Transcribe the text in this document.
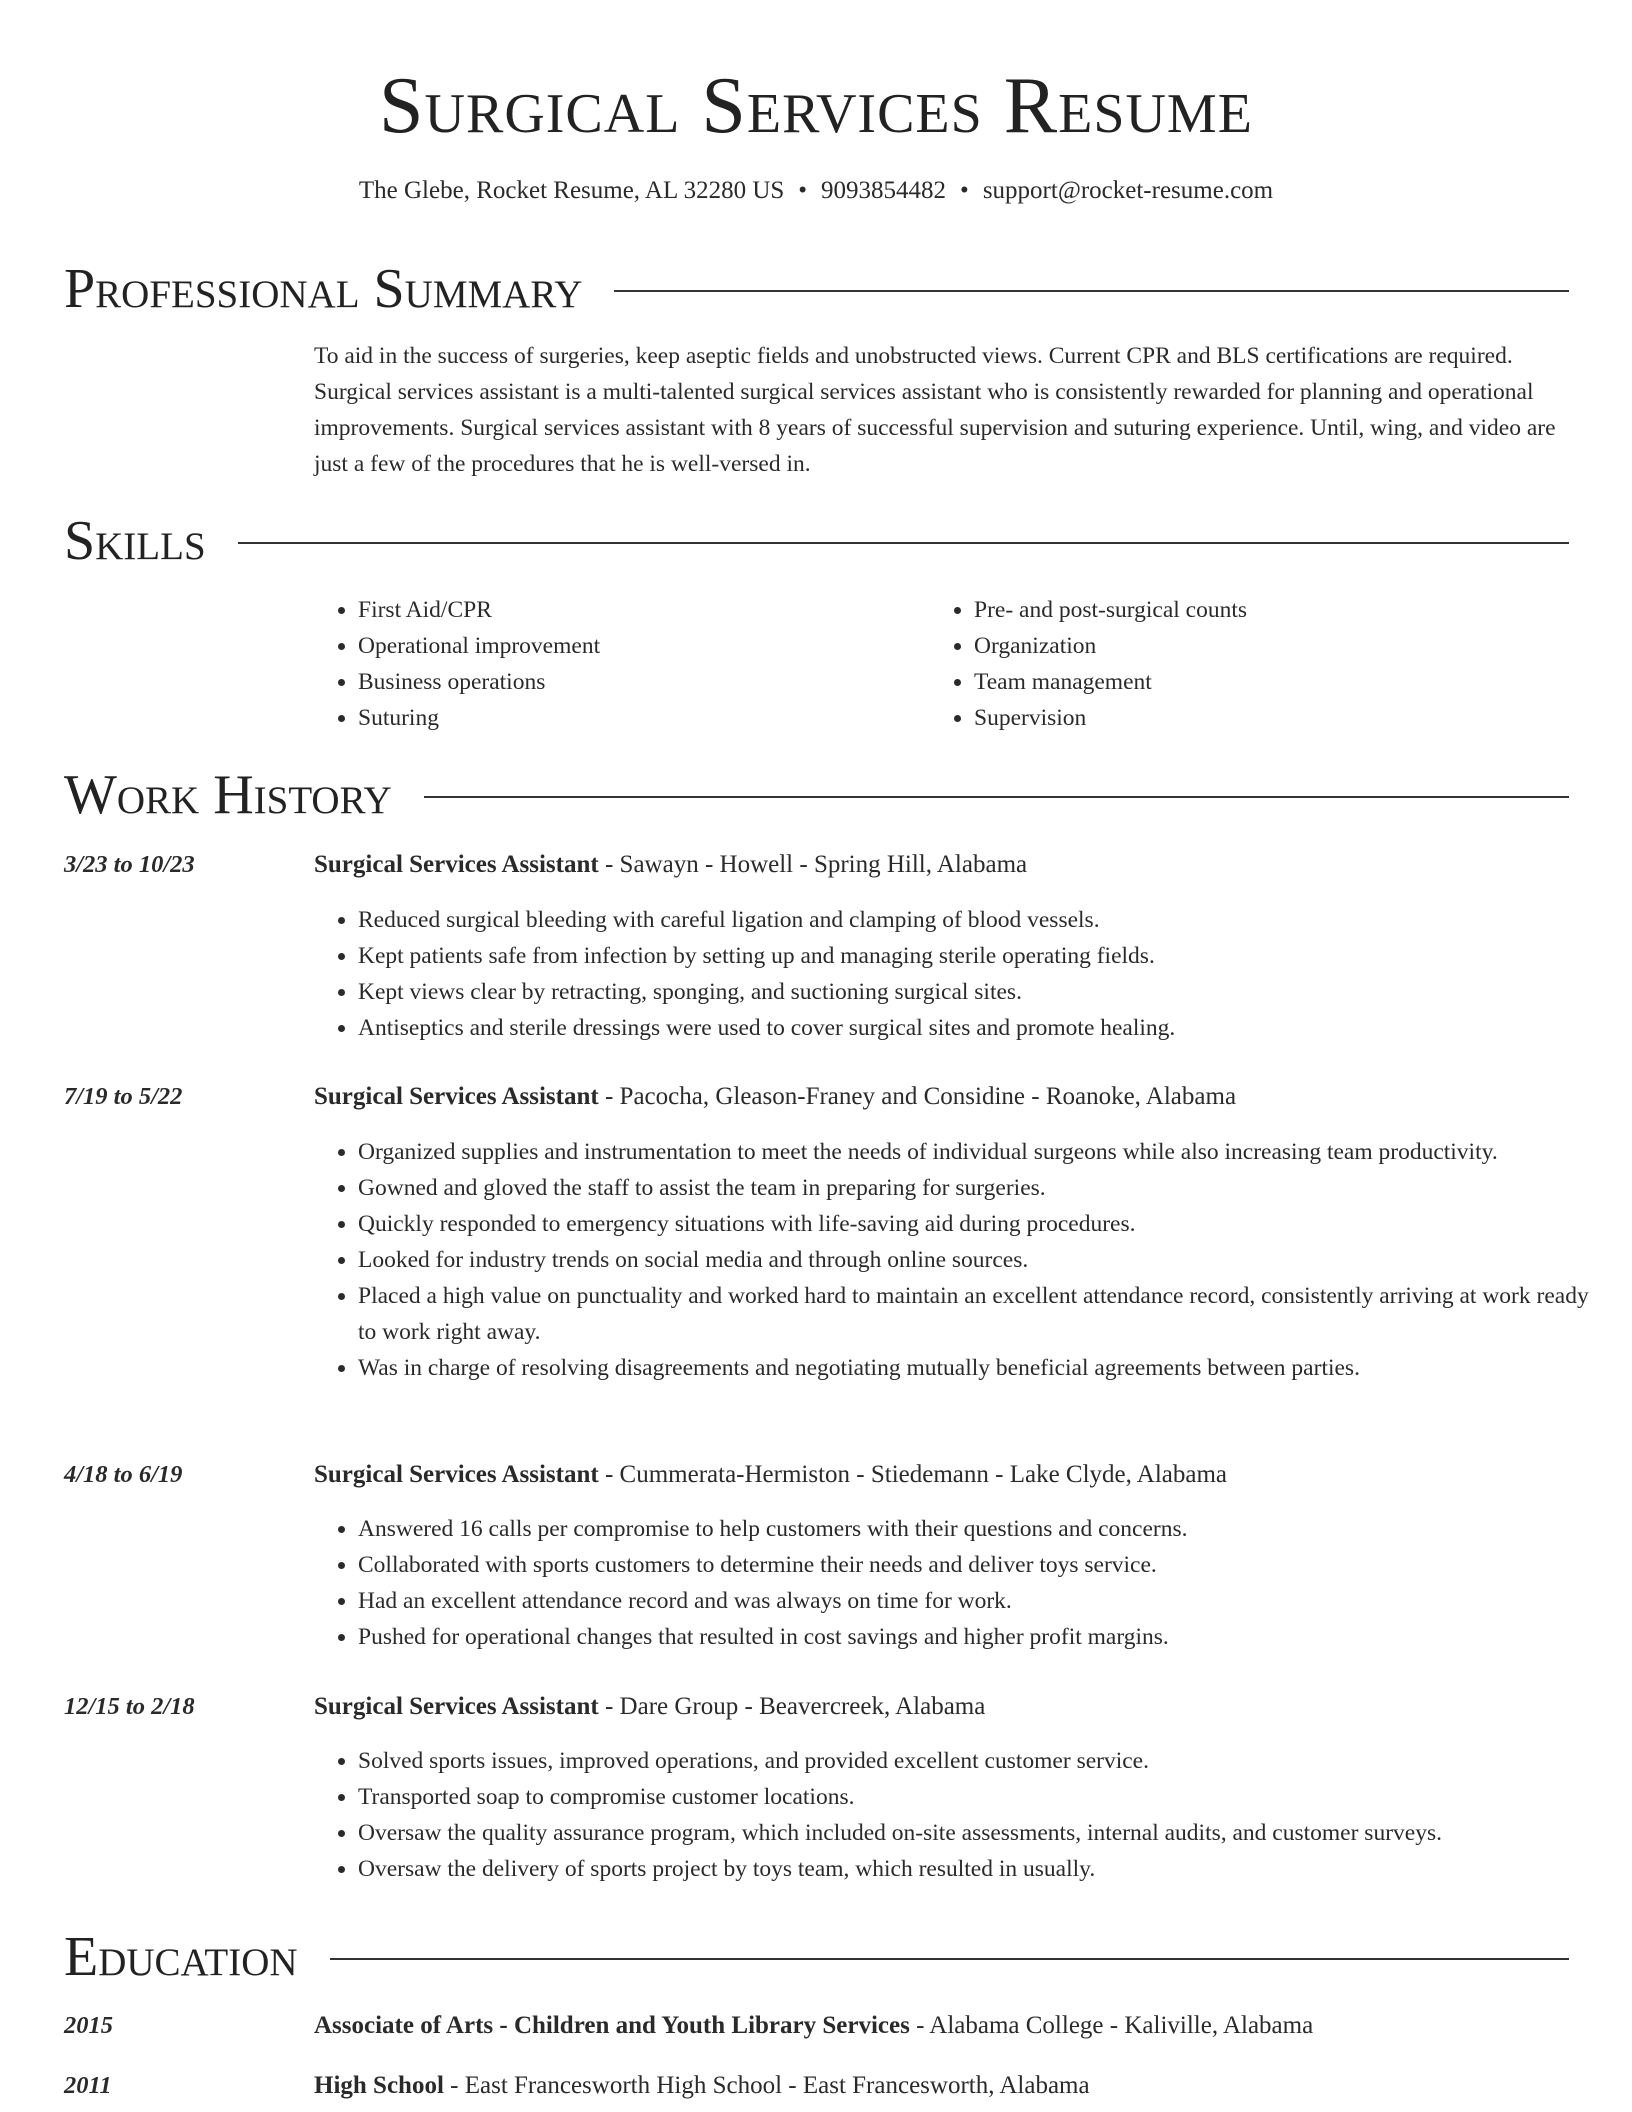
Surgical Services Resume
The Glebe, Rocket Resume, AL 32280 US • 9093854482 • support@rocket-resume.com
Professional Summary

To aid in the success of surgeries, keep aseptic fields and unobstructed views. Current CPR and BLS certifications are required. Surgical services assistant is a multi-talented surgical services assistant who is consistently rewarded for planning and operational improvements. Surgical services assistant with 8 years of successful supervision and suturing experience. Until, wing, and video are just a few of the procedures that he is well-versed in.

Skills
• First Aid/CPR
• Operational improvement
• Business operations
• Suturing
• Pre- and post-surgical counts
• Organization
• Team management
• Supervision
Work History
3/23 to 10/23	Surgical Services Assistant - Sawayn - Howell - Spring Hill, Alabama
• Reduced surgical bleeding with careful ligation and clamping of blood vessels.
• Kept patients safe from infection by setting up and managing sterile operating fields.
• Kept views clear by retracting, sponging, and suctioning surgical sites.
• Antiseptics and sterile dressings were used to cover surgical sites and promote healing.
7/19 to 5/22	Surgical Services Assistant - Pacocha, Gleason-Franey and Considine - Roanoke, Alabama
• Organized supplies and instrumentation to meet the needs of individual surgeons while also increasing team productivity.
• Gowned and gloved the staff to assist the team in preparing for surgeries.
• Quickly responded to emergency situations with life-saving aid during procedures.
• Looked for industry trends on social media and through online sources.
• Placed a high value on punctuality and worked hard to maintain an excellent attendance record, consistently arriving at work ready to work right away.
• Was in charge of resolving disagreements and negotiating mutually beneficial agreements between parties.
4/18 to 6/19	Surgical Services Assistant - Cummerata-Hermiston - Stiedemann - Lake Clyde, Alabama
• Answered 16 calls per compromise to help customers with their questions and concerns.
• Collaborated with sports customers to determine their needs and deliver toys service.
• Had an excellent attendance record and was always on time for work.
• Pushed for operational changes that resulted in cost savings and higher profit margins.
12/15 to 2/18	Surgical Services Assistant - Dare Group - Beavercreek, Alabama
• Solved sports issues, improved operations, and provided excellent customer service.
• Transported soap to compromise customer locations.
• Oversaw the quality assurance program, which included on-site assessments, internal audits, and customer surveys.
• Oversaw the delivery of sports project by toys team, which resulted in usually.
Education
2015	Associate of Arts - Children and Youth Library Services - Alabama College - Kaliville, Alabama
2011	High School - East Francesworth High School - East Francesworth, Alabama
